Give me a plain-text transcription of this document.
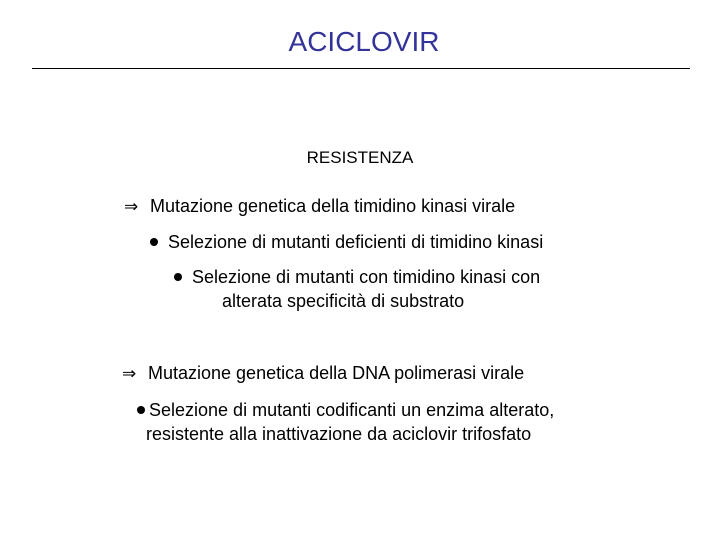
ACICLOVIR
RESISTENZA
⇒ Mutazione genetica della timidino kinasi virale
Selezione di mutanti deficienti di timidino kinasi
Selezione di mutanti con timidino kinasi con
alterata specificità di substrato
⇒ Mutazione genetica della DNA polimerasi virale
Selezione di mutanti codificanti un enzima alterato,
resistente alla inattivazione da aciclovir trifosfato
